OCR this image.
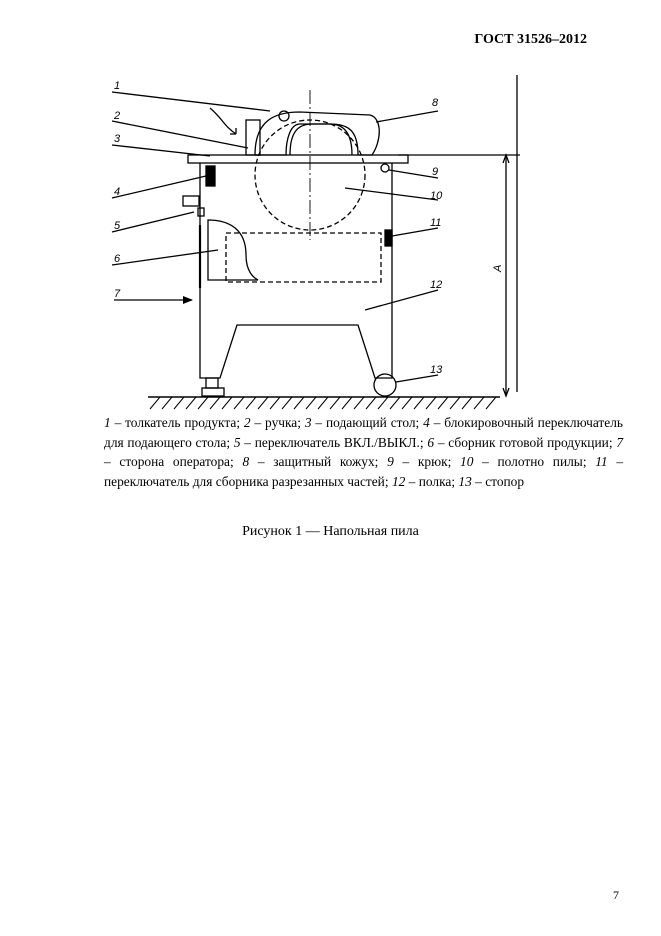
ГОСТ 31526–2012
1
2
3
4
5
6
7
8
9
10
11
12
13
A
1 – толкатель продукта; 2 – ручка; 3 – подающий стол; 4 – блокировочный переключатель для подающего стола; 5 – переключатель ВКЛ./ВЫКЛ.; 6 – сборник готовой продукции; 7 – сторона оператора; 8 – защитный кожух; 9 – крюк; 10 – полотно пилы; 11 – переключатель для сборника разрезанных частей; 12 – полка; 13 – стопор
Рисунок 1 — Напольная пила
7
